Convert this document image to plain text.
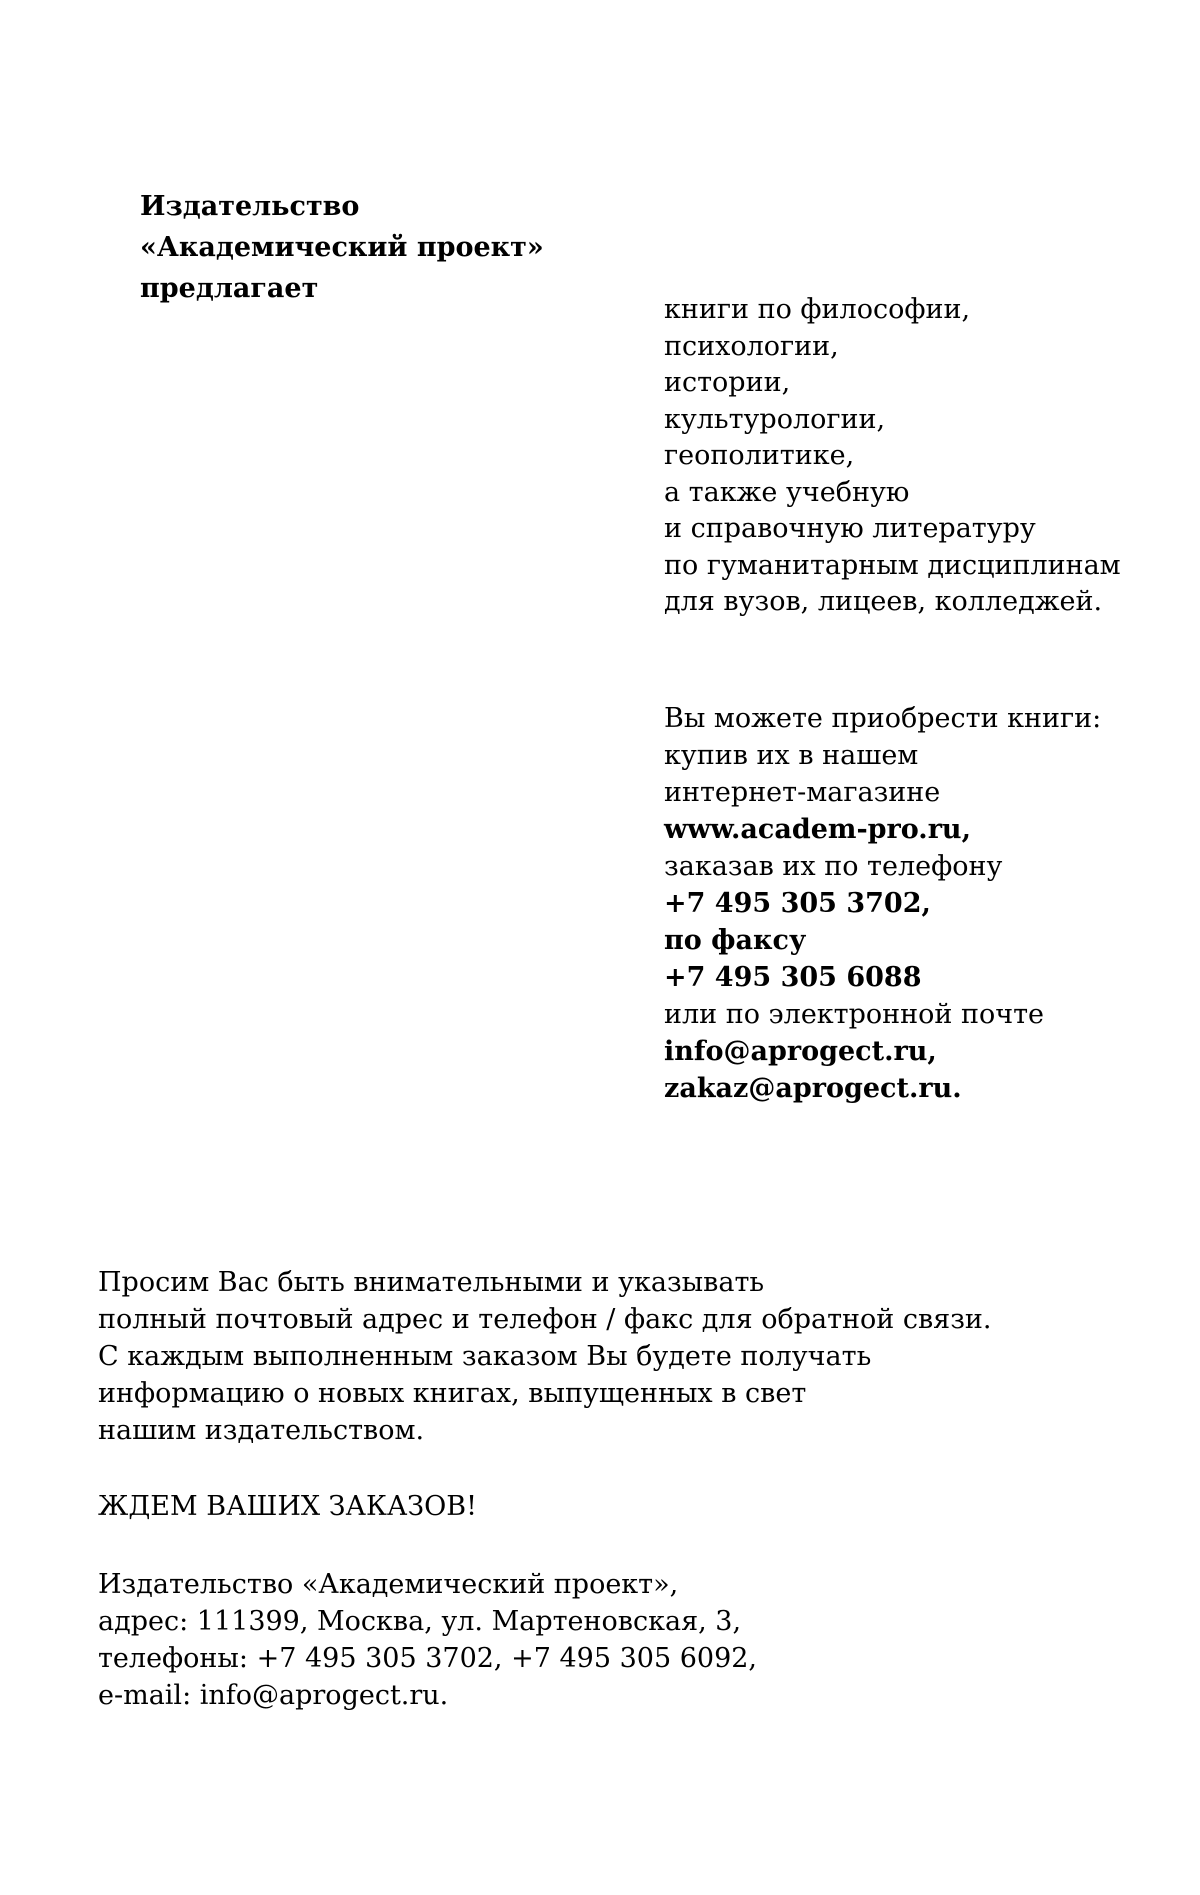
Издательство
«Академический проект»
предлагает
книги по философии,
психологии,
истории,
культурологии,
геополитике,
а также учебную
и справочную литературу
по гуманитарным дисциплинам
для вузов, лицеев, колледжей.
Вы можете приобрести книги:
купив их в нашем
интернет-магазине
www.academ-pro.ru,
заказав их по телефону
+7 495 305 3702,
по факсу
+7 495 305 6088
или по электронной почте
info@aprogect.ru,
zakaz@aprogect.ru.
Просим Вас быть внимательными и указывать
полный почтовый адрес и телефон / факс для обратной связи.
С каждым выполненным заказом Вы будете получать
информацию о новых книгах, выпущенных в свет
нашим издательством.
ЖДЕМ ВАШИХ ЗАКАЗОВ!
Издательство «Академический проект»,
адрес: 111399, Москва, ул. Мартеновская, 3,
телефоны: +7 495 305 3702, +7 495 305 6092,
e-mail: info@aprogect.ru.
